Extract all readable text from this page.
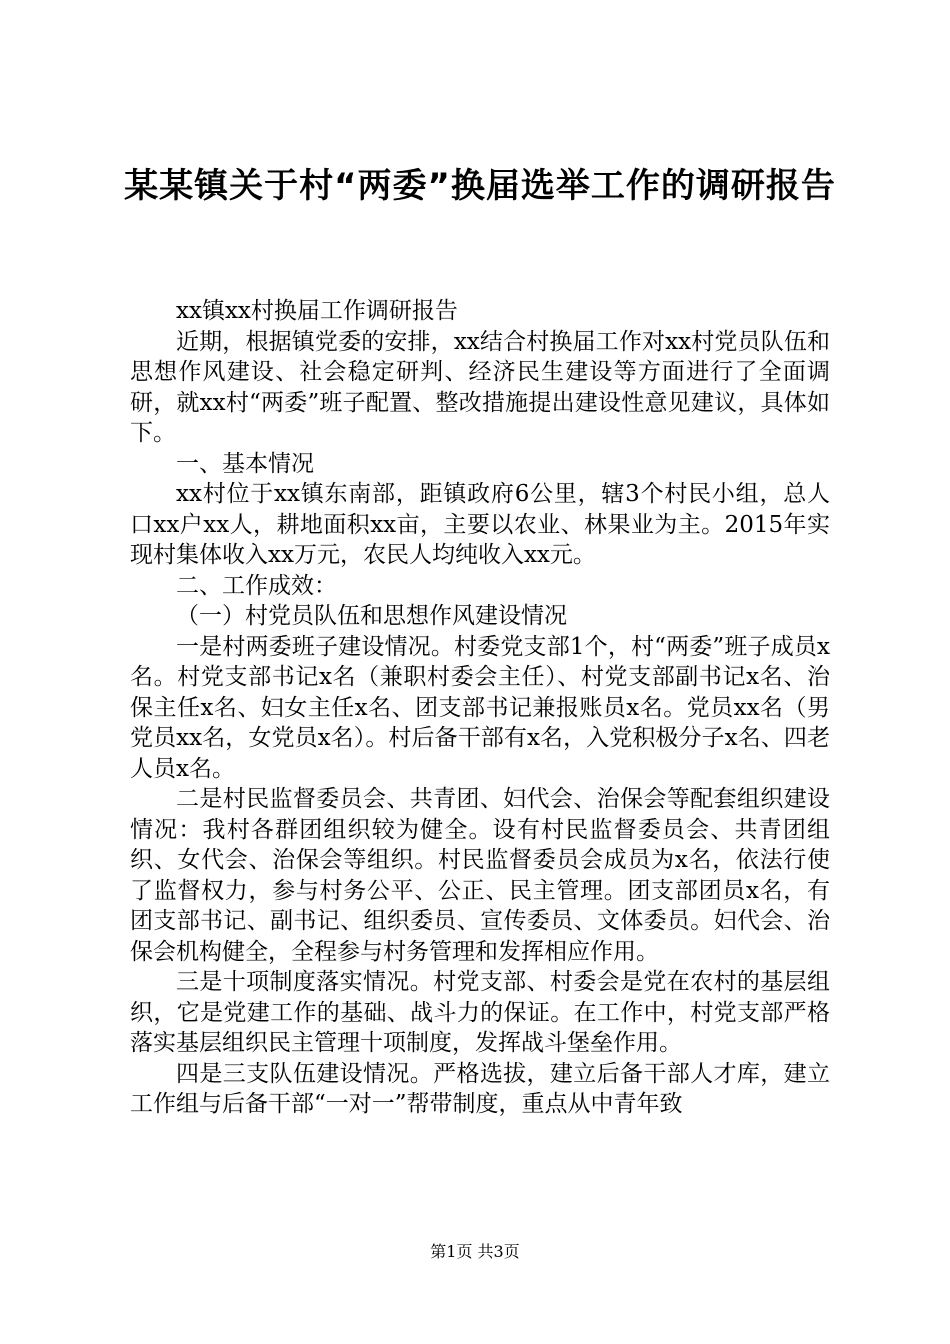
某某镇关于村“两委”换届选举工作的调研报告

xx镇xx村换届工作调研报告

近期，根据镇党委的安排，xx结合村换届工作对xx村党员队伍和思想作风建设、社会稳定研判、经济民生建设等方面进行了全面调研，就xx村“两委”班子配置、整改措施提出建设性意见建议，具体如下。

一、基本情况

xx村位于xx镇东南部，距镇政府6公里，辖3个村民小组，总人口xx户xx人，耕地面积xx亩，主要以农业、林果业为主。2015年实现村集体收入xx万元，农民人均纯收入xx元。

二、工作成效：

（一）村党员队伍和思想作风建设情况

一是村两委班子建设情况。村委党支部1个，村“两委”班子成员x名。村党支部书记x名（兼职村委会主任）、村党支部副书记x名、治保主任x名、妇女主任x名、团支部书记兼报账员x名。党员xx名（男党员xx名，女党员x名）。村后备干部有x名，入党积极分子x名、四老人员x名。

二是村民监督委员会、共青团、妇代会、治保会等配套组织建设情况：我村各群团组织较为健全。设有村民监督委员会、共青团组织、女代会、治保会等组织。村民监督委员会成员为x名，依法行使了监督权力，参与村务公平、公正、民主管理。团支部团员x名，有团支部书记、副书记、组织委员、宣传委员、文体委员。妇代会、治保会机构健全，全程参与村务管理和发挥相应作用。

三是十项制度落实情况。村党支部、村委会是党在农村的基层组织，它是党建工作的基础、战斗力的保证。在工作中，村党支部严格落实基层组织民主管理十项制度，发挥战斗堡垒作用。

四是三支队伍建设情况。严格选拔，建立后备干部人才库，建立工作组与后备干部“一对一”帮带制度，重点从中青年致

第1页 共3页
